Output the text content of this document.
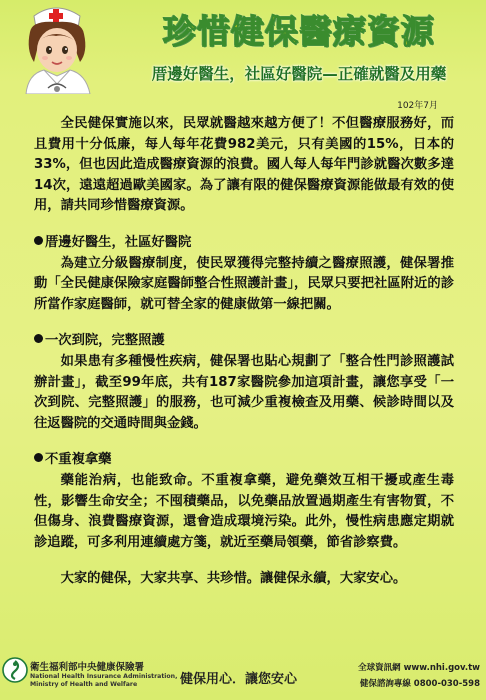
珍惜健保醫療資源
厝邊好醫生，社區好醫院—正確就醫及用藥
102年7月

全民健保實施以來，民眾就醫越來越方便了！不但醫療服務好，而且費用十分低廉，每人每年花費982美元，只有美國的15%，日本的33%，但也因此造成醫療資源的浪費。國人每人每年門診就醫次數多達14次，遠遠超過歐美國家。為了讓有限的健保醫療資源能做最有效的使用，請共同珍惜醫療資源。

厝邊好醫生，社區好醫院

為建立分級醫療制度，使民眾獲得完整持續之醫療照護，健保署推動「全民健康保險家庭醫師整合性照護計畫」，民眾只要把社區附近的診所當作家庭醫師，就可替全家的健康做第一線把關。

一次到院，完整照護

如果患有多種慢性疾病，健保署也貼心規劃了「整合性門診照護試辦計畫」，截至99年底，共有187家醫院參加這項計畫，讓您享受「一次到院、完整照護」的服務，也可減少重複檢查及用藥、候診時間以及往返醫院的交通時間與金錢。

不重複拿藥

藥能治病，也能致命。不重複拿藥，避免藥效互相干擾或產生毒性，影響生命安全；不囤積藥品，以免藥品放置過期產生有害物質，不但傷身、浪費醫療資源，還會造成環境污染。此外，慢性病患應定期就診追蹤，可多利用連續處方箋，就近至藥局領藥，節省診察費。

大家的健保，大家共享、共珍惜。讓健保永續，大家安心。

衛生福利部中央健康保險署
National Health Insurance Administration,
Ministry of Health and Welfare	健保用心．讓您安心
全球資訊網 www.nhi.gov.tw
健保諮詢專線 0800-030-598
